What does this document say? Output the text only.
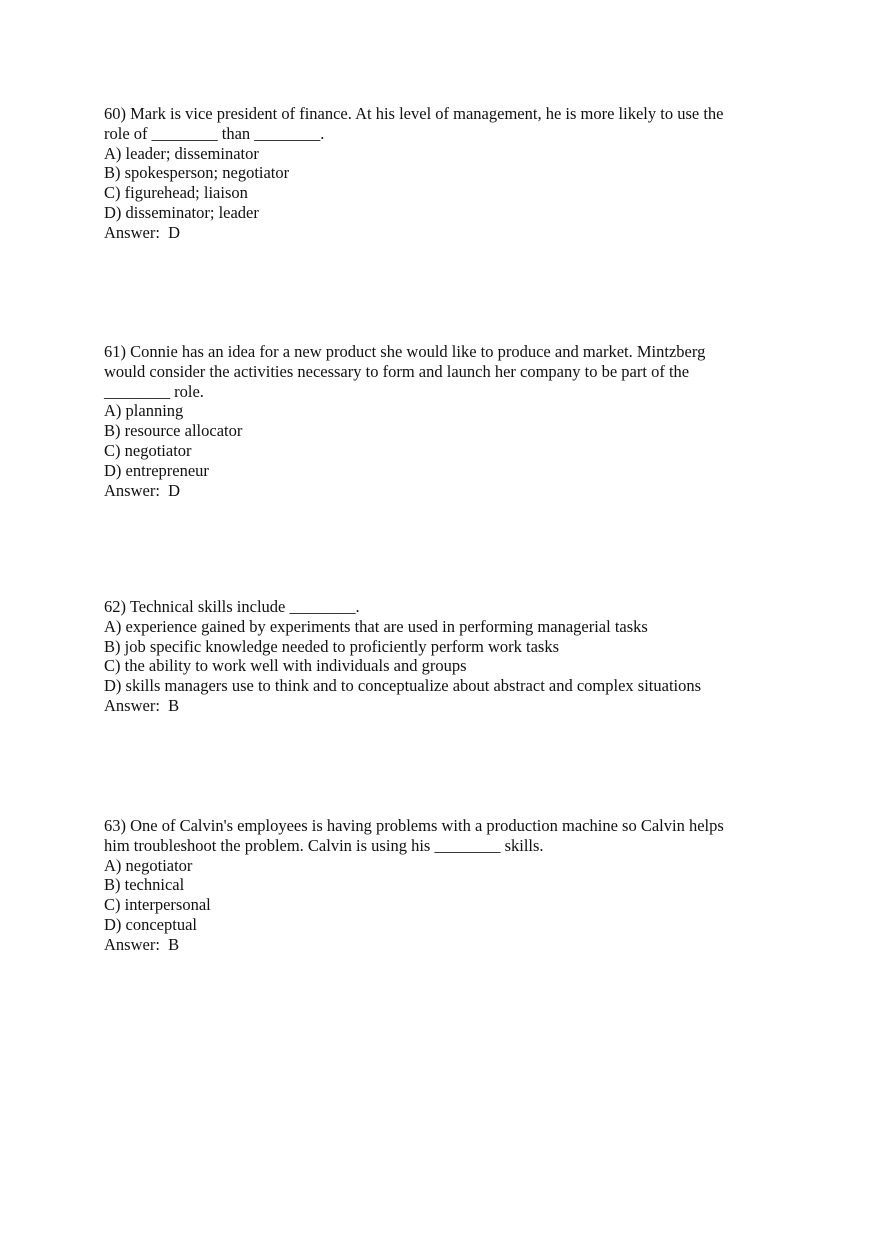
60) Mark is vice president of finance. At his level of management, he is more likely to use the
role of ________ than ________.
A) leader; disseminator
B) spokesperson; negotiator
C) figurehead; liaison
D) disseminator; leader
Answer:  D
61) Connie has an idea for a new product she would like to produce and market. Mintzberg
would consider the activities necessary to form and launch her company to be part of the
________ role.
A) planning
B) resource allocator
C) negotiator
D) entrepreneur
Answer:  D
62) Technical skills include ________.
A) experience gained by experiments that are used in performing managerial tasks
B) job specific knowledge needed to proficiently perform work tasks
C) the ability to work well with individuals and groups
D) skills managers use to think and to conceptualize about abstract and complex situations
Answer:  B
63) One of Calvin's employees is having problems with a production machine so Calvin helps
him troubleshoot the problem. Calvin is using his ________ skills.
A) negotiator
B) technical
C) interpersonal
D) conceptual
Answer:  B
